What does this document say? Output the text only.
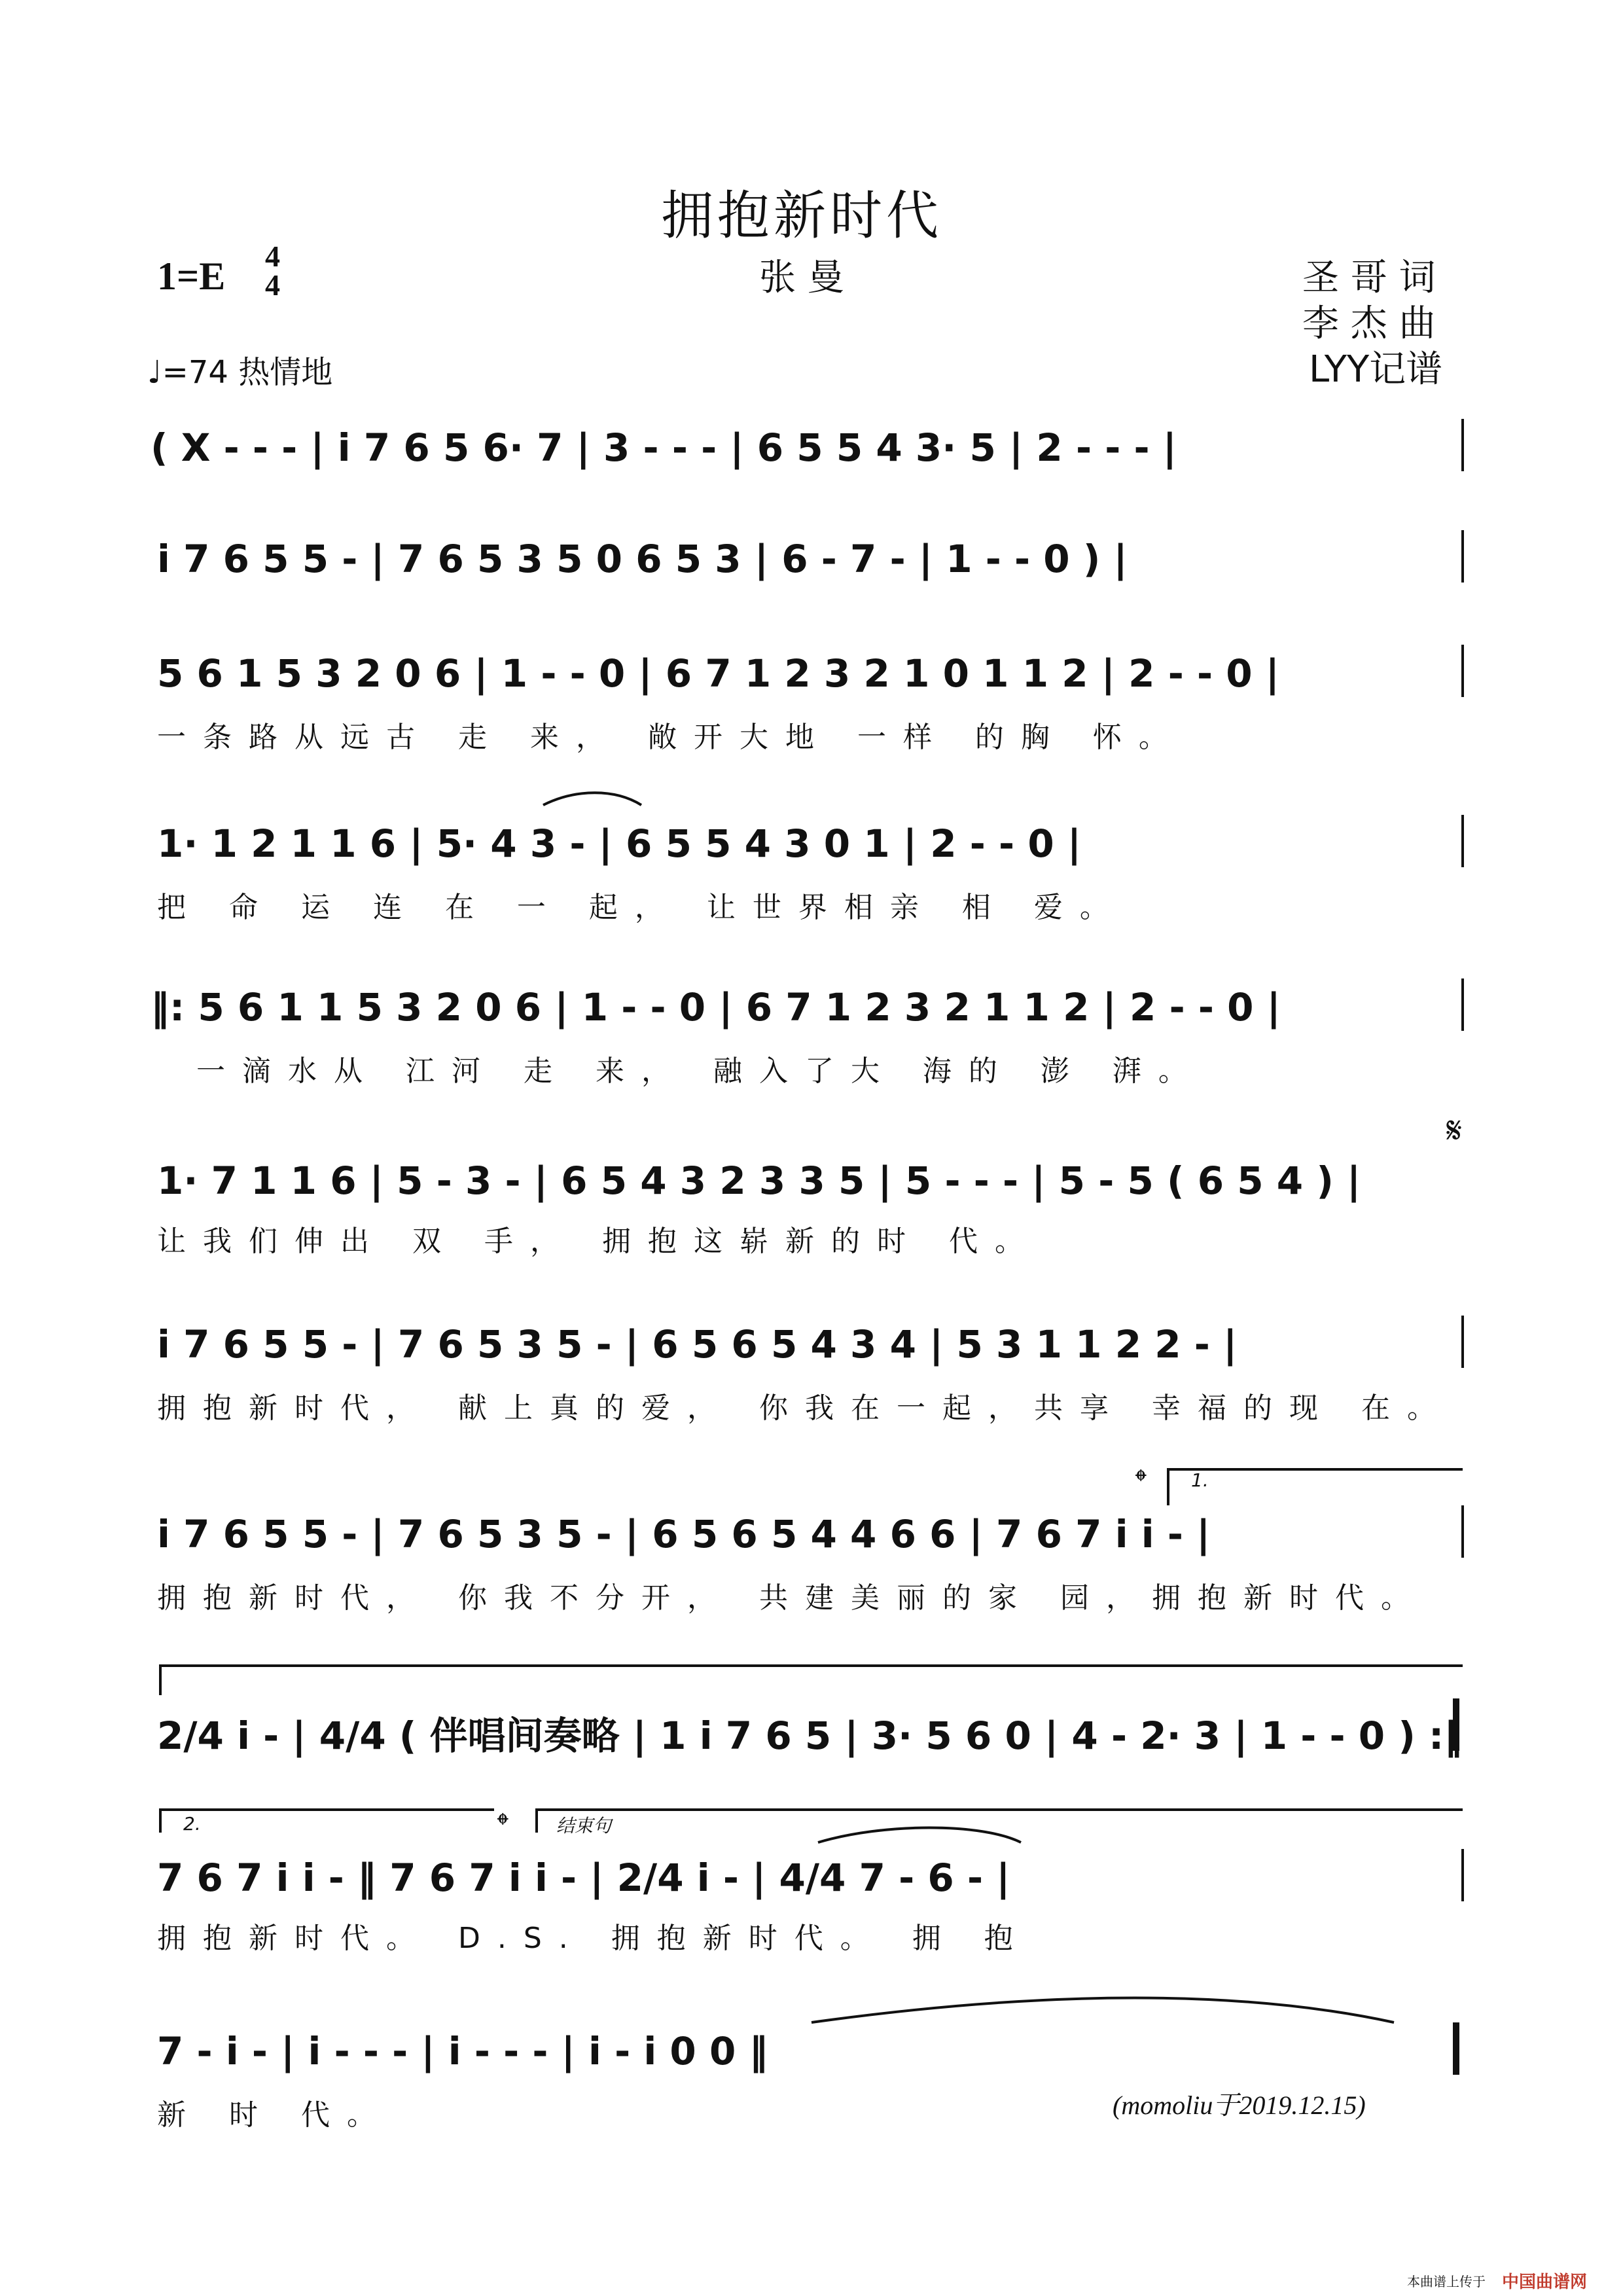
拥抱新时代
1=E 4
4	张 曼	圣 哥 词
李 杰 曲
LYY记谱
♩=74 热情地
( X - - - | i 7 6 5 6· 7 | 3 - - - | 6 5 5 4 3· 5 | 2 - - - |
i 7 6 5 5 - | 7 6 5 3 5 0 6 5 3 | 6 - 7 - | 1 - - 0 ) |
5 6 1 5 3 2 0 6 | 1 - - 0 | 6 7 1 2 3 2 1 0 1 1 2 | 2 - - 0 |
一条路从远古 走 来， 敞开大地 一样 的胸 怀。
1· 1 2 1 1 6 | 5· 4 3 - | 6 5 5 4 3 0 1 | 2 - - 0 |
把 命 运 连 在 一 起， 让世界相亲 相 爱。
‖: 5 6 1 1 5 3 2 0 6 | 1 - - 0 | 6 7 1 2 3 2 1 1 2 | 2 - - 0 |
一滴水从 江河 走 来， 融入了大 海的 澎 湃。
1· 7 1 1 6 | 5 - 3 - | 6 5 4 3 2 3 3 5 | 5 - - - | 5 - 5 ( 6 5 4 ) |
让我们伸出 双 手， 拥抱这崭新的时 代。
𝄋
i 7 6 5 5 - | 7 6 5 3 5 - | 6 5 6 5 4 3 4 | 5 3 1 1 2 2 - |
拥抱新时代， 献上真的爱， 你我在一起，共享 幸福的现 在。
𝄌 1.
i 7 6 5 5 - | 7 6 5 3 5 - | 6 5 6 5 4 4 6 6 | 7 6 7 i i - |
拥抱新时代， 你我不分开， 共建美丽的家 园，拥抱新时代。
2/4 i - | 4/4 ( 伴唱间奏略 | 1 i 7 6 5 | 3· 5 6 0 | 4 - 2· 3 | 1 - - 0 ) :‖
2.	𝄌	结束句
7 6 7 i i - ‖ 7 6 7 i i - | 2/4 i - | 4/4 7 - 6 - |
拥抱新时代。 D.S. 拥抱新时代。 拥 抱
7 - i - | i - - - | i - - - | i - i 0 0 ‖
新 时 代。	(momoliu于2019.12.15)
本曲谱上传于 中国曲谱网
